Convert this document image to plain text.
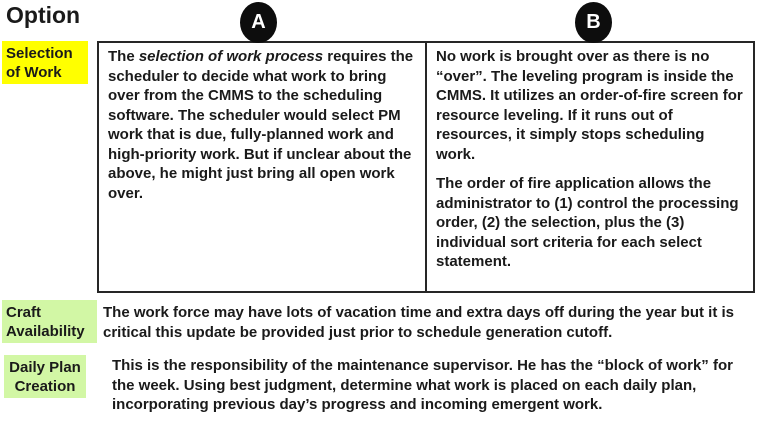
Option	A	B
Selection of Work

The selection of work process requires the scheduler to decide what work to bring over from the CMMS to the scheduling software. The scheduler would select PM work that is due, fully-planned work and high-priority work. But if unclear about the above, he might just bring all open work over.

No work is brought over as there is no “over”. The leveling program is inside the CMMS. It utilizes an order-of-fire screen for resource leveling. If it runs out of resources, it simply stops scheduling work.

The order of fire application allows the administrator to (1) control the processing order, (2) the selection, plus the (3) individual sort criteria for each select statement.

Craft Availability
The work force may have lots of vacation time and extra days off during the year but it is critical this update be provided just prior to schedule generation cutoff.
Daily Plan Creation
This is the responsibility of the maintenance supervisor. He has the “block of work” for the week. Using best judgment, determine what work is placed on each daily plan, incorporating previous day’s progress and incoming emergent work.
